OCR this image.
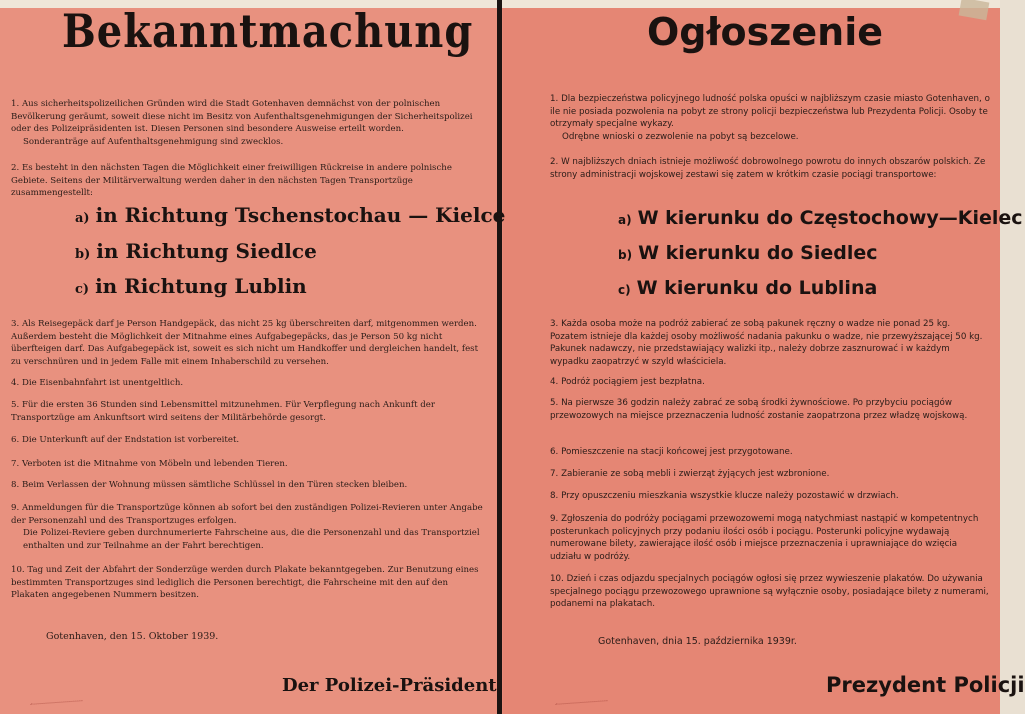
Bekanntmachung	Ogłoszenie
1. Aus sicherheitspolizeilichen Gründen wird die Stadt Gotenhaven demnächst von der polnischen Bevölkerung geräumt, soweit diese nicht im Besitz von Aufenthaltsgenehmigungen der Sicherheitspolizei oder des Polizeipräsidenten ist. Diesen Personen sind besondere Ausweise erteilt worden.
Sonderanträge auf Aufenthaltsgenehmigung sind zwecklos.
2. Es besteht in den nächsten Tagen die Möglichkeit einer freiwilligen Rückreise in andere polnische Gebiete. Seitens der Militärverwaltung werden daher in den nächsten Tagen Transportzüge zusammengestellt:
3. Als Reisegepäck darf je Person Handgepäck, das nicht 25 kg überschreiten darf, mitgenommen werden. Außerdem besteht die Möglichkeit der Mitnahme eines Aufgabegepäcks, das je Person 50 kg nicht überfteigen darf. Das Aufgabegepäck ist, soweit es sich nicht um Handkoffer und dergleichen handelt, fest zu verschnüren und in jedem Falle mit einem Inhaberschild zu versehen.
4. Die Eisenbahnfahrt ist unentgeltlich.
5. Für die ersten 36 Stunden sind Lebensmittel mitzunehmen. Für Verpflegung nach Ankunft der Transportzüge am Ankunftsort wird seitens der Militärbehörde gesorgt.
6. Die Unterkunft auf der Endstation ist vorbereitet.
7. Verboten ist die Mitnahme von Möbeln und lebenden Tieren.
8. Beim Verlassen der Wohnung müssen sämtliche Schlüssel in den Türen stecken bleiben.
9. Anmeldungen für die Transportzüge können ab sofort bei den zuständigen Polizei-Revieren unter Angabe der Personenzahl und des Transportzuges erfolgen.
Die Polizei-Reviere geben durchnumerierte Fahrscheine aus, die die Personenzahl und das Transportziel enthalten und zur Teilnahme an der Fahrt berechtigen.
10. Tag und Zeit der Abfahrt der Sonderzüge werden durch Plakate bekanntgegeben. Zur Benutzung eines bestimmten Transportzuges sind lediglich die Personen berechtigt, die Fahrscheine mit den auf den Plakaten angegebenen Nummern besitzen.
a) in Richtung Tschenstochau — Kielce
b) in Richtung Siedlce
c) in Richtung Lublin
Gotenhaven, den 15. Oktober 1939.
Der Polizei-Präsident
1. Dla bezpieczeństwa policyjnego ludność polska opuści w najbliższym czasie miasto Gotenhaven, o ile nie posiada pozwolenia na pobyt ze strony policji bezpieczeństwa lub Prezydenta Policji. Osoby te otrzymały specjalne wykazy.
Odrębne wnioski o zezwolenie na pobyt są bezcelowe.
2. W najbliższych dniach istnieje możliwość dobrowolnego powrotu do innych obszarów polskich. Ze strony administracji wojskowej zestawi się zatem w krótkim czasie pociągi transportowe:
3. Każda osoba może na podróż zabierać ze sobą pakunek ręczny o wadze nie ponad 25 kg. Pozatem istnieje dla każdej osoby możliwość nadania pakunku o wadze, nie przewyższającej 50 kg. Pakunek nadawczy, nie przedstawiający walizki itp., należy dobrze zasznurować i w każdym wypadku zaopatrzyć w szyld właściciela.
4. Podróż pociągiem jest bezpłatna.
5. Na pierwsze 36 godzin należy zabrać ze sobą środki żywnościowe. Po przybyciu pociągów przewozowych na miejsce przeznaczenia ludność zostanie zaopatrzona przez władzę wojskową.
6. Pomieszczenie na stacji końcowej jest przygotowane.
7. Zabieranie ze sobą mebli i zwierząt żyjących jest wzbronione.
8. Przy opuszczeniu mieszkania wszystkie klucze należy pozostawić w drzwiach.
9. Zgłoszenia do podróży pociągami przewozowemi mogą natychmiast nastąpić w kompetentnych posterunkach policyjnych przy podaniu ilości osób i pociągu. Posterunki policyjne wydawają numerowane bilety, zawierające ilość osób i miejsce przeznaczenia i uprawniające do wzięcia udziału w podróży.
10. Dzień i czas odjazdu specjalnych pociągów ogłosi się przez wywieszenie plakatów. Do używania specjalnego pociągu przewozowego uprawnione są wyłącznie osoby, posiadające bilety z numerami, podanemi na plakatach.
a) W kierunku do Częstochowy—Kielec
b) W kierunku do Siedlec
c) W kierunku do Lublina
Gotenhaven, dnia 15. października 1939r.
Prezydent Policji
